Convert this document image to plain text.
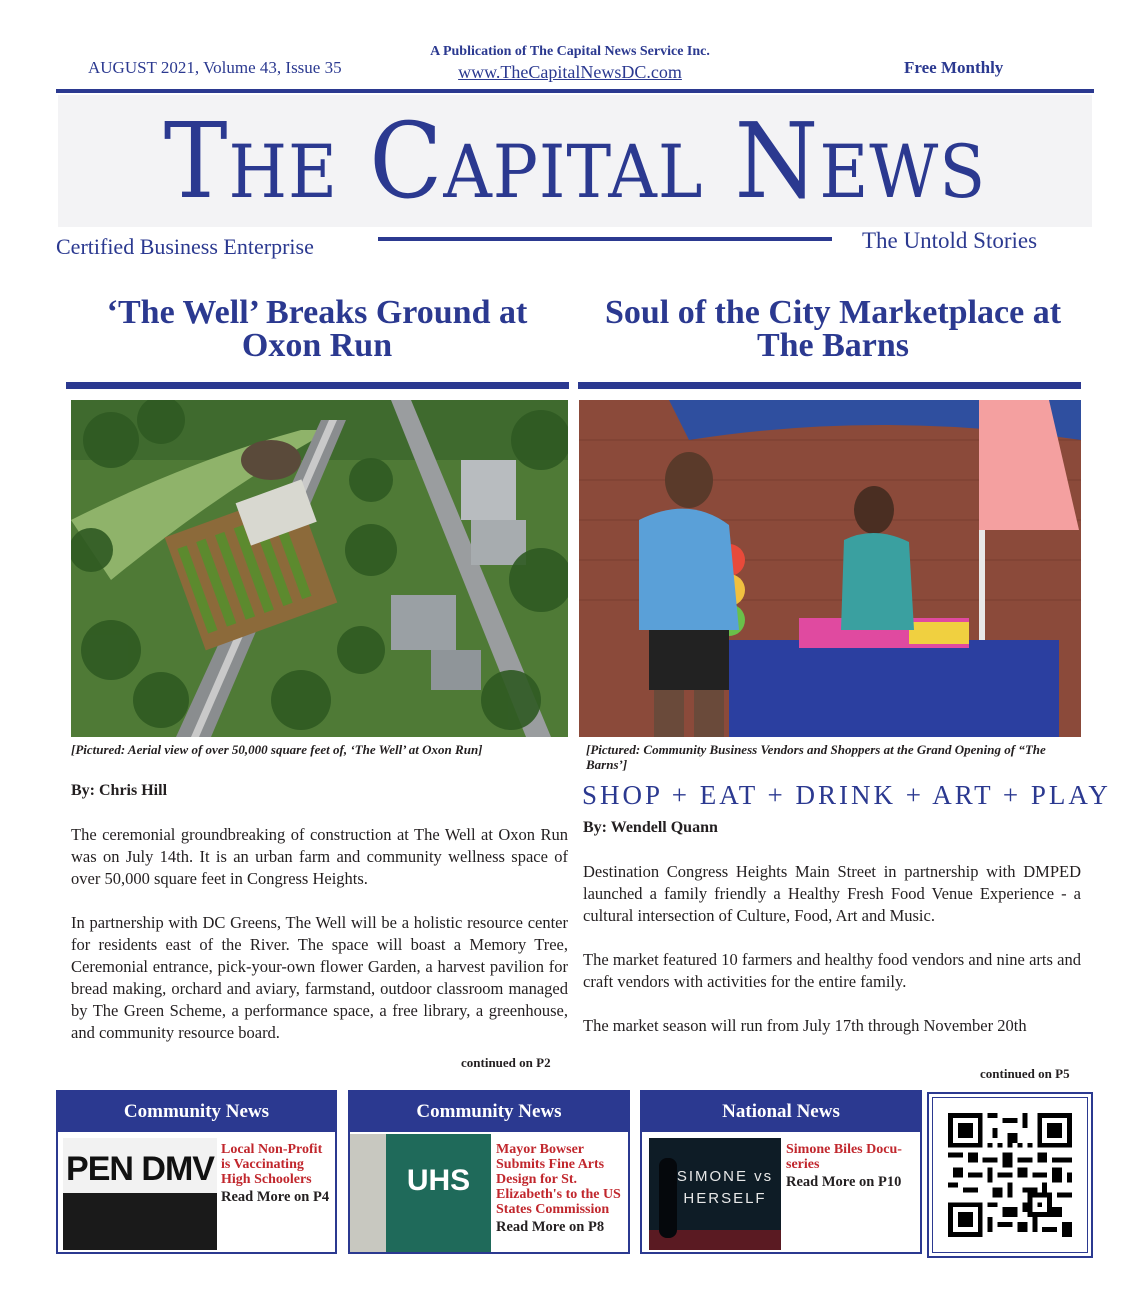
AUGUST 2021, Volume 43, Issue 35
A Publication of The Capital News Service Inc.
www.TheCapitalNewsDC.com	Free Monthly
The Capital News
Certified Business Enterprise	The Untold Stories
‘The Well’ Breaks Ground at Oxon Run
Soul of the City Marketplace at The Barns
[Pictured: Aerial view of over 50,000 square feet of, ‘The Well’ at Oxon Run]	[Pictured: Community Business Vendors and Shoppers at the Grand Opening of “The Barns’]
By: Chris Hill	SHOP + EAT + DRINK + ART + PLAY
By: Wendell Quann

The ceremonial groundbreaking of construction at The Well at Oxon Run was on July 14th. It is an urban farm and community wellness space of over 50,000 square feet in Congress Heights.

In partnership with DC Greens, The Well will be a holistic resource center for residents east of the River. The space will boast a Memory Tree, Ceremonial entrance, pick-your-own flower Garden, a harvest pavilion for bread making, orchard and aviary, farmstand, outdoor classroom managed by The Green Scheme, a performance space, a free library, a greenhouse, and community resource board.

Destination Congress Heights Main Street in partnership with DMPED launched a family friendly a Healthy Fresh Food Venue Experience - a cultural intersection of Culture, Food, Art and Music.

The market featured 10 farmers and healthy food vendors and nine arts and craft vendors with activities for the entire family.

The market season will run from July 17th through November 20th

continued on P2
continued on P5
Community News
PEN DMV
Local Non-Profit is Vaccinating High Schoolers
Read More on P4
Community News
UHS
Mayor Bowser Submits Fine Arts Design for St. Elizabeth's to the US States Commission
Read More on P8
National News
SIMONE vs HERSELF
Simone Biles Docu-series
Read More on P10
